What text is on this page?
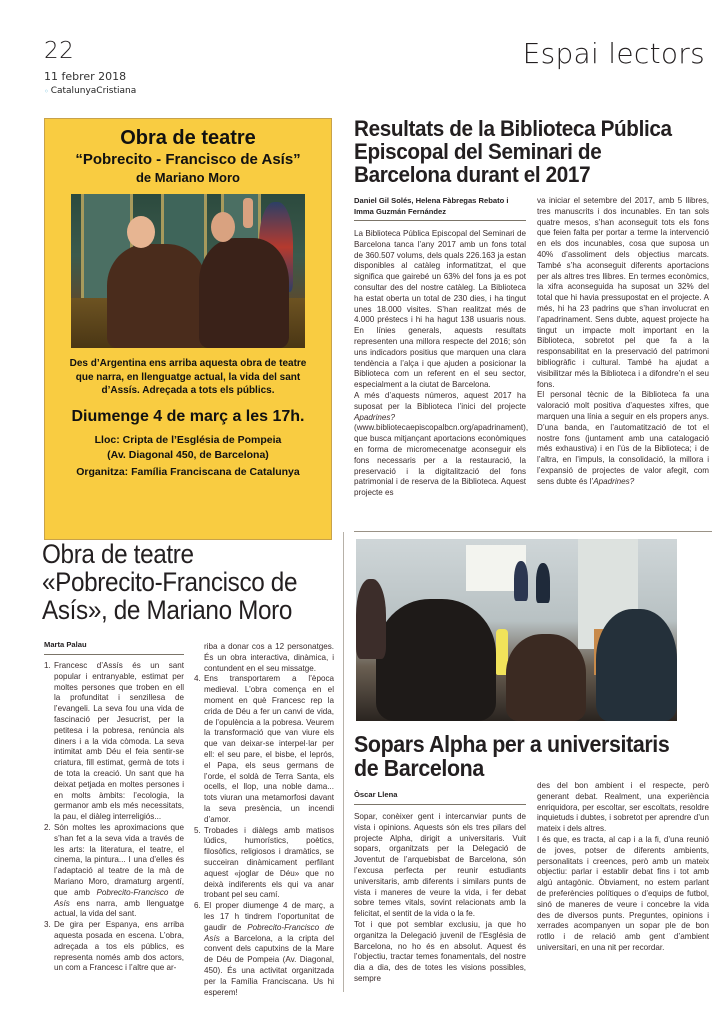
22
11 febrer 2018
◦ CatalunyaCristiana
Espai lectors
Obra de teatre
“Pobrecito - Francisco de Asís”
de Mariano Moro
Des d’Argentina ens arriba aquesta obra de teatre que narra, en llenguatge actual, la vida del sant d’Assís. Adreçada a tots els públics.
Diumenge 4 de març a les 17h.
Lloc: Cripta de l’Església de Pompeia
(Av. Diagonal 450, de Barcelona)
Organitza: Família Franciscana de Catalunya
Resultats de la Biblioteca Pública Episcopal del Seminari de Barcelona durant el 2017
Daniel Gil Solés, Helena Fàbregas Rebato i Imma Guzmán Fernández

La Biblioteca Pública Episcopal del Seminari de Barcelona tanca l’any 2017 amb un fons total de 360.507 volums, dels quals 226.163 ja estan disponibles al catàleg informatitzat, el que significa que gairebé un 63% del fons ja es pot consultar des del nostre catàleg. La Biblioteca ha estat oberta un total de 230 dies, i ha tingut unes 18.000 visites. S’han realitzat més de 4.000 préstecs i hi ha hagut 138 usuaris nous. En línies generals, aquests resultats representen una millora respecte del 2016; són uns indicadors positius que marquen una clara tendència a l’alça i que ajuden a posicionar la Biblioteca com un referent en el seu sector, especialment a la ciutat de Barcelona.

A més d’aquests números, aquest 2017 ha suposat per la Biblioteca l’inici del projecte Apadrines? (www.bibliotecaepiscopalbcn.org/apadrinament), que busca mitjançant aportacions econòmiques en forma de micromecenatge aconseguir els fons necessaris per a la restauració, la preservació i la digitalització del fons patrimonial i de reserva de la Biblioteca. Aquest projecte es

va iniciar el setembre del 2017, amb 5 llibres, tres manuscrits i dos incunables. En tan sols quatre mesos, s’han aconseguit tots els fons que feien falta per portar a terme la intervenció en els dos incunables, cosa que suposa un 40% d’assoliment dels objectius marcats. També s’ha aconseguit diferents aportacions per als altres tres llibres. En termes econòmics, la xifra aconseguida ha suposat un 32% del total que hi havia pressupostat en el projecte. A més, hi ha 23 padrins que s’han involucrat en l’apadrinament. Sens dubte, aquest projecte ha tingut un impacte molt important en la Biblioteca, sobretot pel que fa a la responsabilitat en la preservació del patrimoni bibliogràfic i cultural. També ha ajudat a visibilitzar més la Biblioteca i a difondre’n el seu fons.

El personal tècnic de la Biblioteca fa una valoració molt positiva d’aquestes xifres, que marquen una línia a seguir en els propers anys. D’una banda, en l’automatització de tot el nostre fons (juntament amb una catalogació més exhaustiva) i en l’ús de la Biblioteca; i de l’altra, en l’impuls, la consolidació, la millora i l’expansió de projectes de valor afegit, com sens dubte és l’Apadrines?

Obra de teatre «Pobrecito-Francisco de Asís», de Mariano Moro
Marta Palau
1. Francesc d’Assís és un sant popular i entranyable, estimat per moltes persones que troben en ell la profunditat i senzillesa de l’evangeli. La seva fou una vida de fascinació per Jesucrist, per la petitesa i la pobresa, renúncia als diners i a la vida còmoda. La seva intimitat amb Déu el feia sentir-se criatura, fill estimat, germà de tots i de tota la creació. Un sant que ha deixat petjada en moltes persones i en molts àmbits: l’ecologia, la germanor amb els més necessitats, la pau, el diàleg interreligiós...
2. Són moltes les aproximacions que s’han fet a la seva vida a través de les arts: la literatura, el teatre, el cinema, la pintura... I una d’elles és l’adaptació al teatre de la mà de Mariano Moro, dramaturg argentí, que amb Pobrecito-Francisco de Asís ens narra, amb llenguatge actual, la vida del sant.
3. De gira per Espanya, ens arriba aquesta posada en escena. L’obra, adreçada a tos els públics, es representa només amb dos actors, un com a Francesc i l’altre que ar-
riba a donar cos a 12 personatges. És un obra interactiva, dinàmica, i contundent en el seu missatge.
4. Ens transportarem a l’època medieval. L’obra comença en el moment en què Francesc rep la crida de Déu a fer un canvi de vida, de l’opulència a la pobresa. Veurem la transformació que van viure els que van deixar-se interpel·lar per ell: el seu pare, el bisbe, el leprós, el Papa, els seus germans de l’orde, el soldà de Terra Santa, els ocells, el llop, una noble dama... tots viuran una metamorfosi davant la seva presència, un incendi d’amor.
5. Trobades i diàlegs amb matisos lúdics, humorístics, poètics, filosòfics, religiosos i dramàtics, se succeiran dinàmicament perfilant aquest «joglar de Déu» que no deixà indiferents els qui va anar trobant pel seu camí.
6. El proper diumenge 4 de març, a les 17 h tindrem l’oportunitat de gaudir de Pobrecito-Francisco de Asís a Barcelona, a la cripta del convent dels caputxins de la Mare de Déu de Pompeia (Av. Diagonal, 450). És una activitat organitzada per la Família Franciscana. Us hi esperem!
Sopars Alpha per a universitaris de Barcelona
Òscar Llena

Sopar, conèixer gent i intercanviar punts de vista i opinions. Aquests són els tres pilars del projecte Alpha, dirigit a universitaris. Vuit sopars, organitzats per la Delegació de Joventut de l’arquebisbat de Barcelona, són l’excusa perfecta per reunir estudiants universitaris, amb diferents i similars punts de vista i maneres de veure la vida, i fer debat sobre temes vitals, sovint relacionats amb la felicitat, el sentit de la vida o la fe.

Tot i que pot semblar exclusiu, ja que ho organitza la Delegació juvenil de l’Església de Barcelona, no ho és en absolut. Aquest és l’objectiu, tractar temes fonamentals, del nostre dia a dia, des de totes les visions possibles, sempre

des del bon ambient i el respecte, però generant debat. Realment, una experiència enriquidora, per escoltar, ser escoltats, resoldre inquietuds i dubtes, i sobretot per aprendre d’un mateix i dels altres.

I és que, es tracta, al cap i a la fi, d’una reunió de joves, potser de diferents ambients, personalitats i creences, però amb un mateix objectiu: parlar i establir debat fins i tot amb algú antagònic. Òbviament, no estem parlant de preferències polítiques o d’equips de futbol, sinó de maneres de veure i concebre la vida des de diversos punts. Preguntes, opinions i xerrades acompanyen un sopar ple de bon rotllo i de relació amb gent d’ambient universitari, en una nit per recordar.
